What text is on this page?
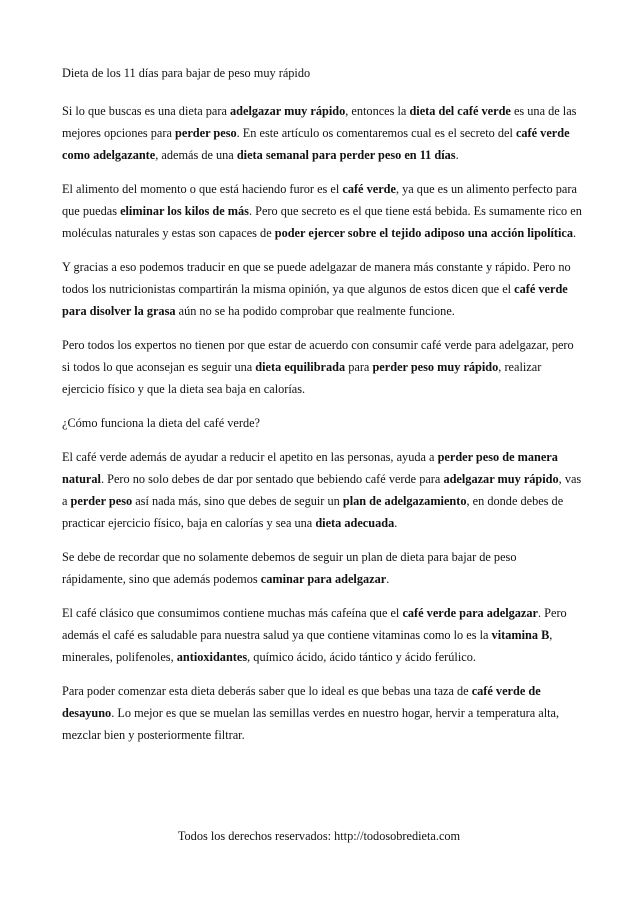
Dieta de los 11 días para bajar de peso muy rápido

Si lo que buscas es una dieta para adelgazar muy rápido, entonces la dieta del café verde es una de las mejores opciones para perder peso. En este artículo os comentaremos cual es el secreto del café verde como adelgazante, además de una dieta semanal para perder peso en 11 días.

El alimento del momento o que está haciendo furor es el café verde, ya que es un alimento perfecto para que puedas eliminar los kilos de más. Pero que secreto es el que tiene está bebida. Es sumamente rico en moléculas naturales y estas son capaces de poder ejercer sobre el tejido adiposo una acción lipolítica.

Y gracias a eso podemos traducir en que se puede adelgazar de manera más constante y rápido. Pero no todos los nutricionistas compartirán la misma opinión, ya que algunos de estos dicen que el café verde para disolver la grasa aún no se ha podido comprobar que realmente funcione.

Pero todos los expertos no tienen por que estar de acuerdo con consumir café verde para adelgazar, pero si todos lo que aconsejan es seguir una dieta equilibrada para perder peso muy rápido, realizar ejercicio físico y que la dieta sea baja en calorías.

¿Cómo funciona la dieta del café verde?

El café verde además de ayudar a reducir el apetito en las personas, ayuda a perder peso de manera natural. Pero no solo debes de dar por sentado que bebiendo café verde para adelgazar muy rápido, vas a perder peso así nada más, sino que debes de seguir un plan de adelgazamiento, en donde debes de practicar ejercicio físico, baja en calorías y sea una dieta adecuada.

Se debe de recordar que no solamente debemos de seguir un plan de dieta para bajar de peso rápidamente, sino que además podemos caminar para adelgazar.

El café clásico que consumimos contiene muchas más cafeína que el café verde para adelgazar. Pero además el café es saludable para nuestra salud ya que contiene vitaminas como lo es la vitamina B, minerales, polifenoles, antioxidantes, químico ácido, ácido tántico y ácido ferúlico.

Para poder comenzar esta dieta deberás saber que lo ideal es que bebas una taza de café verde de desayuno. Lo mejor es que se muelan las semillas verdes en nuestro hogar, hervir a temperatura alta, mezclar bien y posteriormente filtrar.

Todos los derechos reservados: http://todosobredieta.com
